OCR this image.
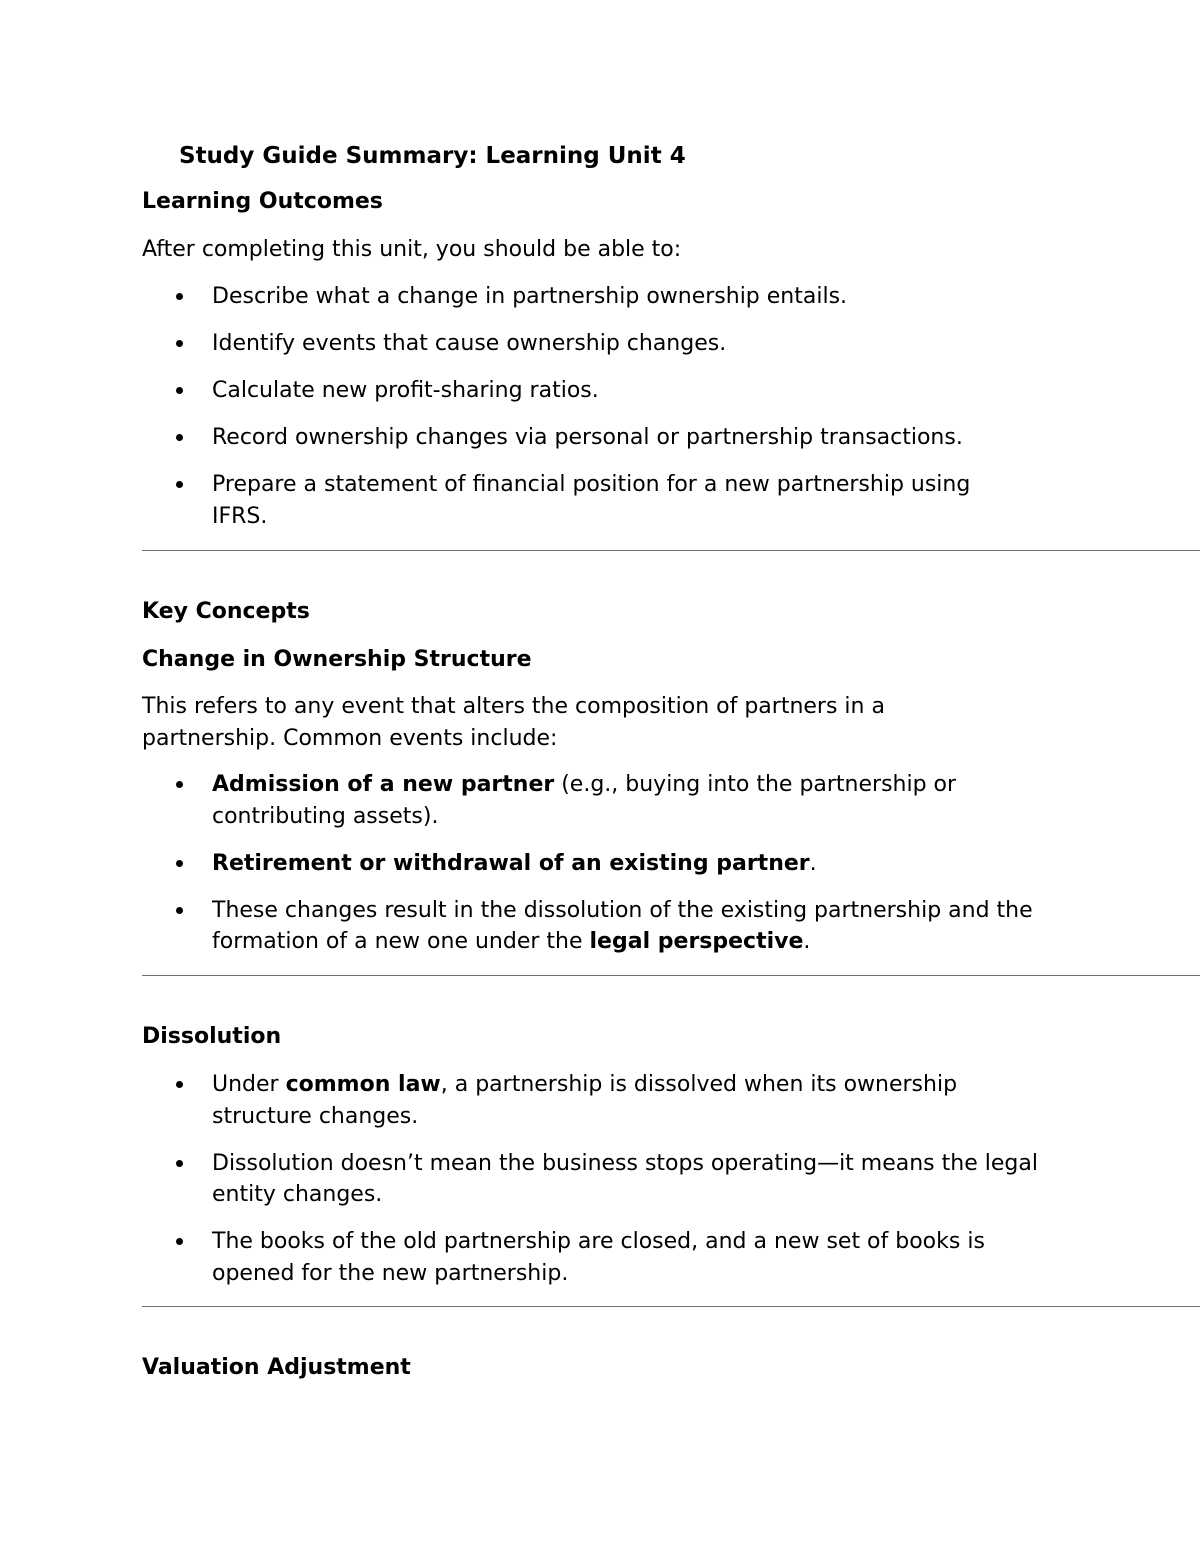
Study Guide Summary: Learning Unit 4
Learning Outcomes
After completing this unit, you should be able to:
Describe what a change in partnership ownership entails.
Identify events that cause ownership changes.
Calculate new profit-sharing ratios.
Record ownership changes via personal or partnership transactions.
Prepare a statement of financial position for a new partnership using IFRS.
Key Concepts
Change in Ownership Structure
This refers to any event that alters the composition of partners in a partnership. Common events include:
Admission of a new partner (e.g., buying into the partnership or contributing assets).
Retirement or withdrawal of an existing partner.
These changes result in the dissolution of the existing partnership and the formation of a new one under the legal perspective.
Dissolution
Under common law, a partnership is dissolved when its ownership structure changes.
Dissolution doesn’t mean the business stops operating—it means the legal entity changes.
The books of the old partnership are closed, and a new set of books is opened for the new partnership.
Valuation Adjustment
